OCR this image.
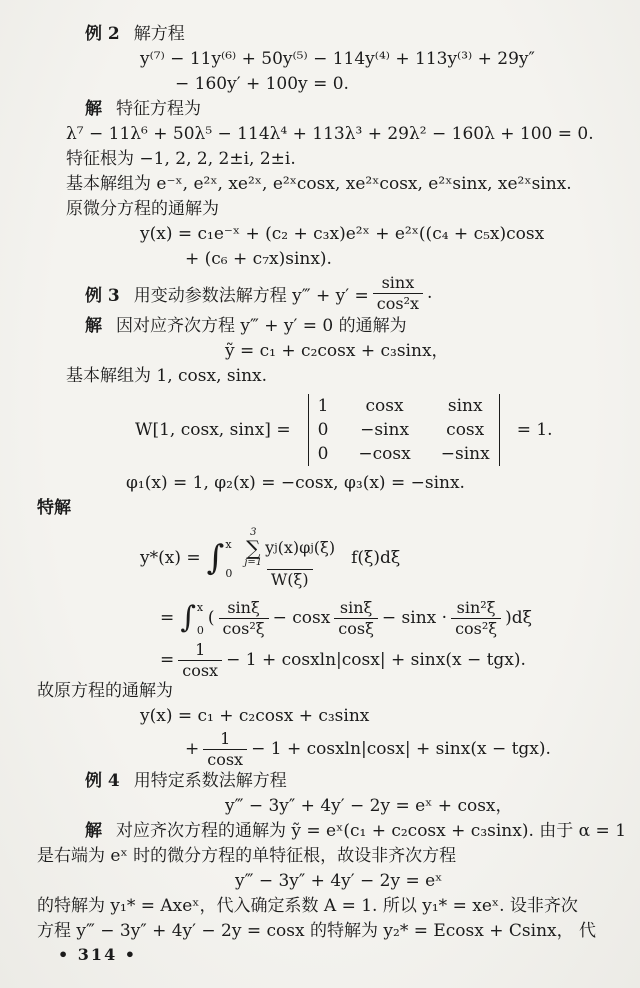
例 2 解方程
y⁽⁷⁾ − 11y⁽⁶⁾ + 50y⁽⁵⁾ − 114y⁽⁴⁾ + 113y⁽³⁾ + 29y″
− 160y′ + 100y = 0.
解 特征方程为
λ⁷ − 11λ⁶ + 50λ⁵ − 114λ⁴ + 113λ³ + 29λ² − 160λ + 100 = 0.
特征根为 −1, 2, 2, 2±i, 2±i.
基本解组为 e⁻ˣ, e²ˣ, xe²ˣ, e²ˣcosx, xe²ˣcosx, e²ˣsinx, xe²ˣsinx.
原微分方程的通解为
y(x) = c₁e⁻ˣ + (c₂ + c₃x)e²ˣ + e²ˣ((c₄ + c₅x)cosx
+ (c₆ + c₇x)sinx).
例 3 用变动参数法解方程 y‴ + $y' = \frac{\sin x}{\text{cos²x}}$ .
解 因对应齐次方程 y‴ + y′ = 0 的通解为
ỹ = c₁ + c₂cosx + c₃sinx，
基本解组为 1, cosx, sinx.
W[1, cosx, sinx] =
1 cosx	sinx
0 −sinx cosx
0 −cosx −sinx
= 1.
φ₁(x) = 1, φ₂(x) = −cosx, φ₃(x) = −sinx.
特解
y*(x) = ∫ x
0
3
∑
j=1
y j (x)φ j (ξ)
W(ξ)
f(ξ)dξ
= ∫ x
0
( $\frac{\sin\xi}{\text{cos²ξ}} - \cos x \frac{\sin\xi}{\cos\xi} - \sin x \cdot \frac{\text{sin²ξ}}{\text{cos²ξ}} )d\xi$
= $\frac{1}{\cos x} - 1$ + cosxln|cosx| + sinx(x − tgx).
故原方程的通解为
y(x) = c₁ + c₂cosx + c₃sinx
+ $\frac{1}{\cos x} - 1$ + cosxln|cosx| + sinx(x − tgx).
例 4 用特定系数法解方程
y‴ − 3y″ + 4y′ − 2y = eˣ + cosx，
解 对应齐次方程的通解为 ỹ = eˣ(c₁ + c₂cosx + c₃sinx). 由于 α = 1
是右端为 eˣ 时的微分方程的单特征根，故设非齐次方程
y‴ − 3y″ + 4y′ − 2y = eˣ
的特解为 y₁* = Axeˣ，代入确定系数 A = 1. 所以 y₁* = xeˣ. 设非齐次
方程 y‴ − 3y″ + 4y′ − 2y = cosx 的特解为 y₂* = Ecosx + Csinx， 代
• 314 •
